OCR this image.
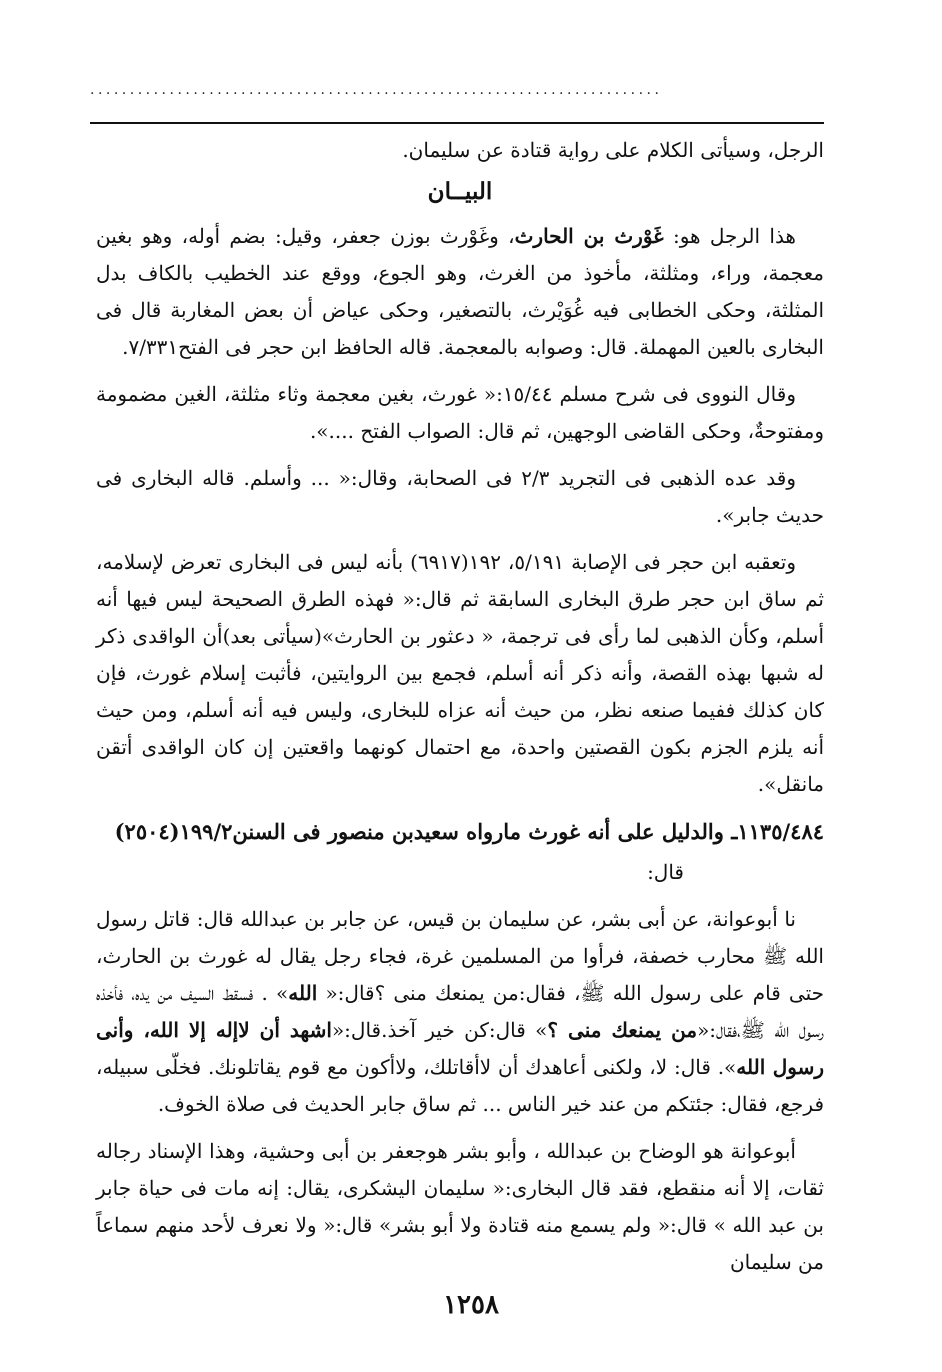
........................................................................

الرجل، وسيأتى الكلام على رواية قتادة عن سليمان.

البيــان

هذا الرجل هو: غَوْرث بن الحارث، وغَوْرث بوزن جعفر، وقيل: بضم أوله، وهو بغين معجمة، وراء، ومثلثة، مأخوذ من الغرث، وهو الجوع، ووقع عند الخطيب بالكاف بدل المثلثة، وحكى الخطابى فيه غُوَيْرث، بالتصغير، وحكى عياض أن بعض المغاربة قال فى البخارى بالعين المهملة. قال: وصوابه بالمعجمة. قاله الحافظ ابن حجر فى الفتح٧/٣٣١.

وقال النووى فى شرح مسلم ١٥/٤٤:« غورث، بغين معجمة وثاء مثلثة، الغين مضمومة ومفتوحةٌ، وحكى القاضى الوجهين، ثم قال: الصواب الفتح ....».

وقد عده الذهبى فى التجريد ٢/٣ فى الصحابة، وقال:« ... وأسلم. قاله البخارى فى حديث جابر».

وتعقبه ابن حجر فى الإصابة ٥/١٩١، ١٩٢(٦٩١٧) بأنه ليس فى البخارى تعرض لإسلامه، ثم ساق ابن حجر طرق البخارى السابقة ثم قال:« فهذه الطرق الصحيحة ليس فيها أنه أسلم، وكأن الذهبى لما رأى فى ترجمة، « دعثور بن الحارث»(سيأتى بعد)أن الواقدى ذكر له شبها بهذه القصة، وأنه ذكر أنه أسلم، فجمع بين الروايتين، فأثبت إسلام غورث، فإن كان كذلك ففيما صنعه نظر، من حيث أنه عزاه للبخارى، وليس فيه أنه أسلم، ومن حيث أنه يلزم الجزم بكون القصتين واحدة، مع احتمال كونهما واقعتين إن كان الواقدى أتقن مانقل».

١١٣٥/٤٨٤ـ والدليل على أنه غورث مارواه سعيدبن منصور فى السنن١٩٩/٢(٢٥٠٤)

قال:

نا أبوعوانة، عن أبى بشر، عن سليمان بن قيس، عن جابر بن عبدالله قال: قاتل رسول الله ﷺ محارب خصفة، فرأوا من المسلمين غرة، فجاء رجل يقال له غورث بن الحارث، حتى قام على رسول الله ﷺ، فقال:من يمنعك منى ؟قال:« الله» . فسقط السيف من يده، فأخذه رسول الله ﷺ،فقال:«من يمنعك منى ؟» قال:كن خير آخذ.قال:«اشهد أن لاإله إلا الله، وأنى رسول الله». قال: لا، ولكنى أعاهدك أن لاأقاتلك، ولاأكون مع قوم يقاتلونك. فخلّى سبيله، فرجع، فقال: جئتكم من عند خير الناس ... ثم ساق جابر الحديث فى صلاة الخوف.

أبوعوانة هو الوضاح بن عبدالله ، وأبو بشر هوجعفر بن أبى وحشية، وهذا الإسناد رجاله ثقات، إلا أنه منقطع، فقد قال البخارى:« سليمان اليشكرى، يقال: إنه مات فى حياة جابر بن عبد الله » قال:« ولم يسمع منه قتادة ولا أبو بشر» قال:« ولا نعرف لأحد منهم سماعاً من سليمان

١٢٥٨
